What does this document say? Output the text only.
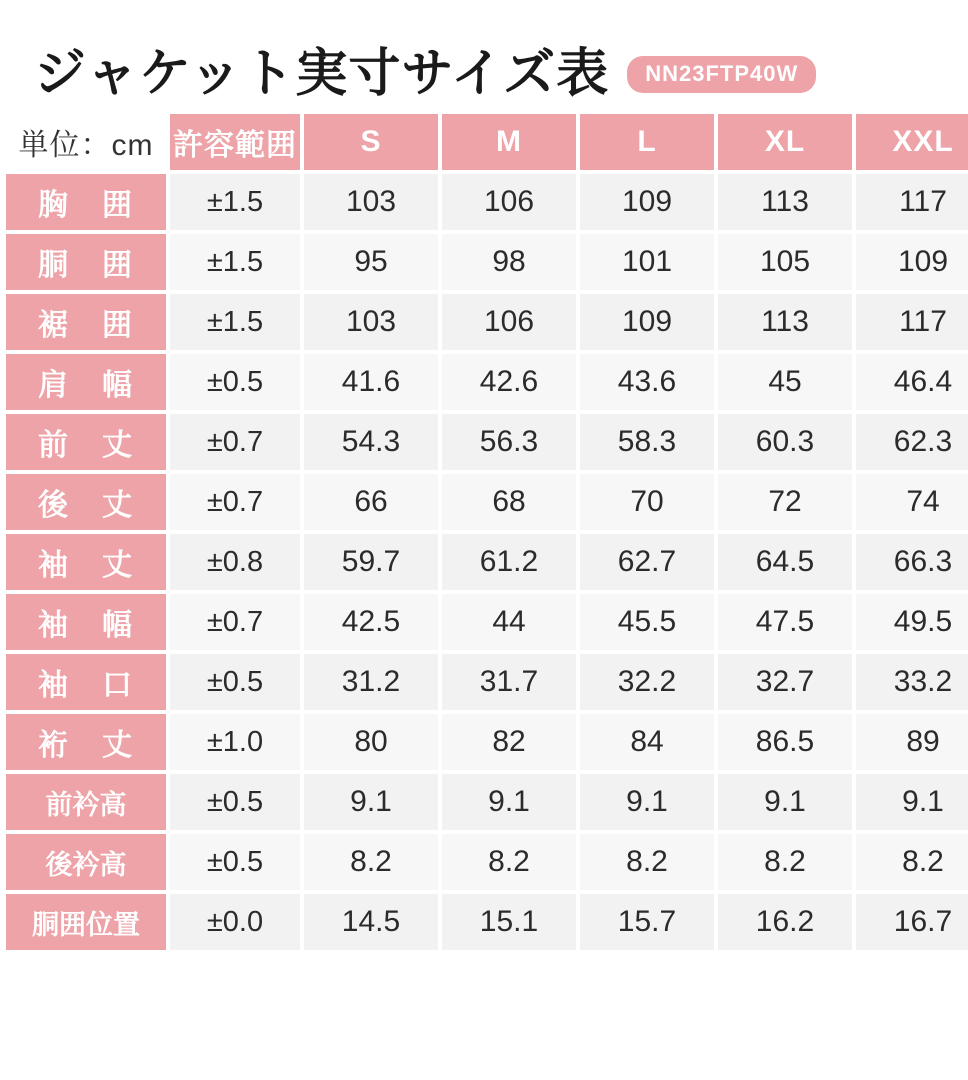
ジャケット実寸サイズ表	NN23FTP40W
単位：cm	許容範囲	S	M	L	XL	XXL
胸　囲	±1.5	103	106	109	113	117
胴　囲	±1.5	95	98	101	105	109
裾　囲	±1.5	103	106	109	113	117
肩　幅	±0.5	41.6	42.6	43.6	45	46.4
前　丈	±0.7	54.3	56.3	58.3	60.3	62.3
後　丈	±0.7	66	68	70	72	74
袖　丈	±0.8	59.7	61.2	62.7	64.5	66.3
袖　幅	±0.7	42.5	44	45.5	47.5	49.5
袖　口	±0.5	31.2	31.7	32.2	32.7	33.2
裄　丈	±1.0	80	82	84	86.5	89
前衿高	±0.5	9.1	9.1	9.1	9.1	9.1
後衿高	±0.5	8.2	8.2	8.2	8.2	8.2
胴囲位置	±0.0	14.5	15.1	15.7	16.2	16.7
